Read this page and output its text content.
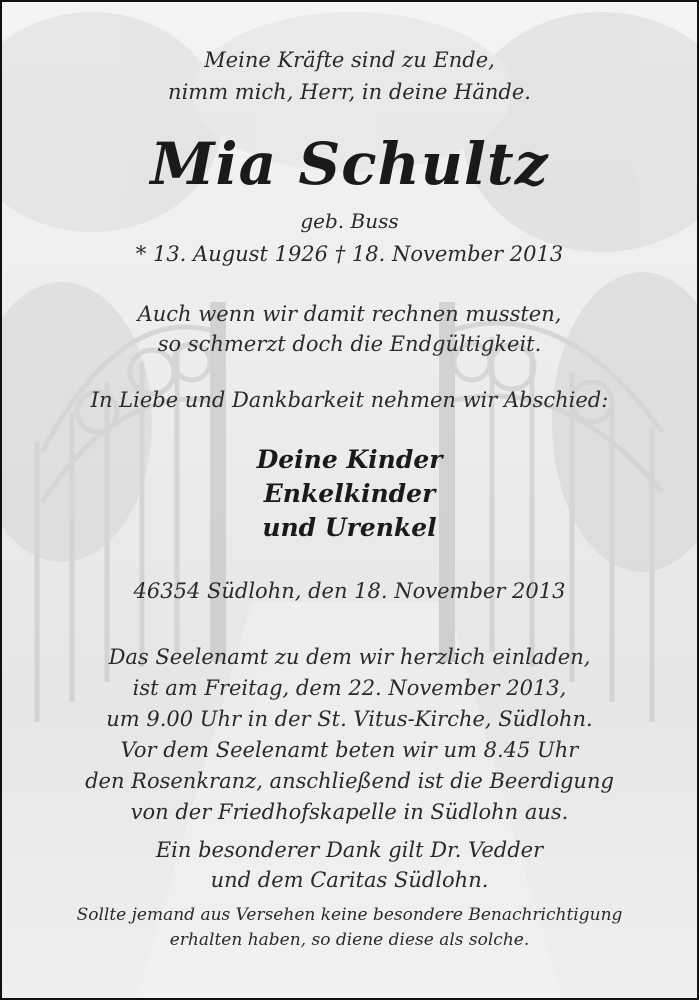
Meine Kräfte sind zu Ende,
nimm mich, Herr, in deine Hände.
Mia Schultz
geb. Buss
* 13. August 1926 † 18. November 2013
Auch wenn wir damit rechnen mussten,
so schmerzt doch die Endgültigkeit.
In Liebe und Dankbarkeit nehmen wir Abschied:
Deine Kinder
Enkelkinder
und Urenkel
46354 Südlohn, den 18. November 2013
Das Seelenamt zu dem wir herzlich einladen,
ist am Freitag, dem 22. November 2013,
um 9.00 Uhr in der St. Vitus-Kirche, Südlohn.
Vor dem Seelenamt beten wir um 8.45 Uhr
den Rosenkranz, anschließend ist die Beerdigung
von der Friedhofskapelle in Südlohn aus.
Ein besonderer Dank gilt Dr. Vedder
und dem Caritas Südlohn.
Sollte jemand aus Versehen keine besondere Benachrichtigung
erhalten haben, so diene diese als solche.
